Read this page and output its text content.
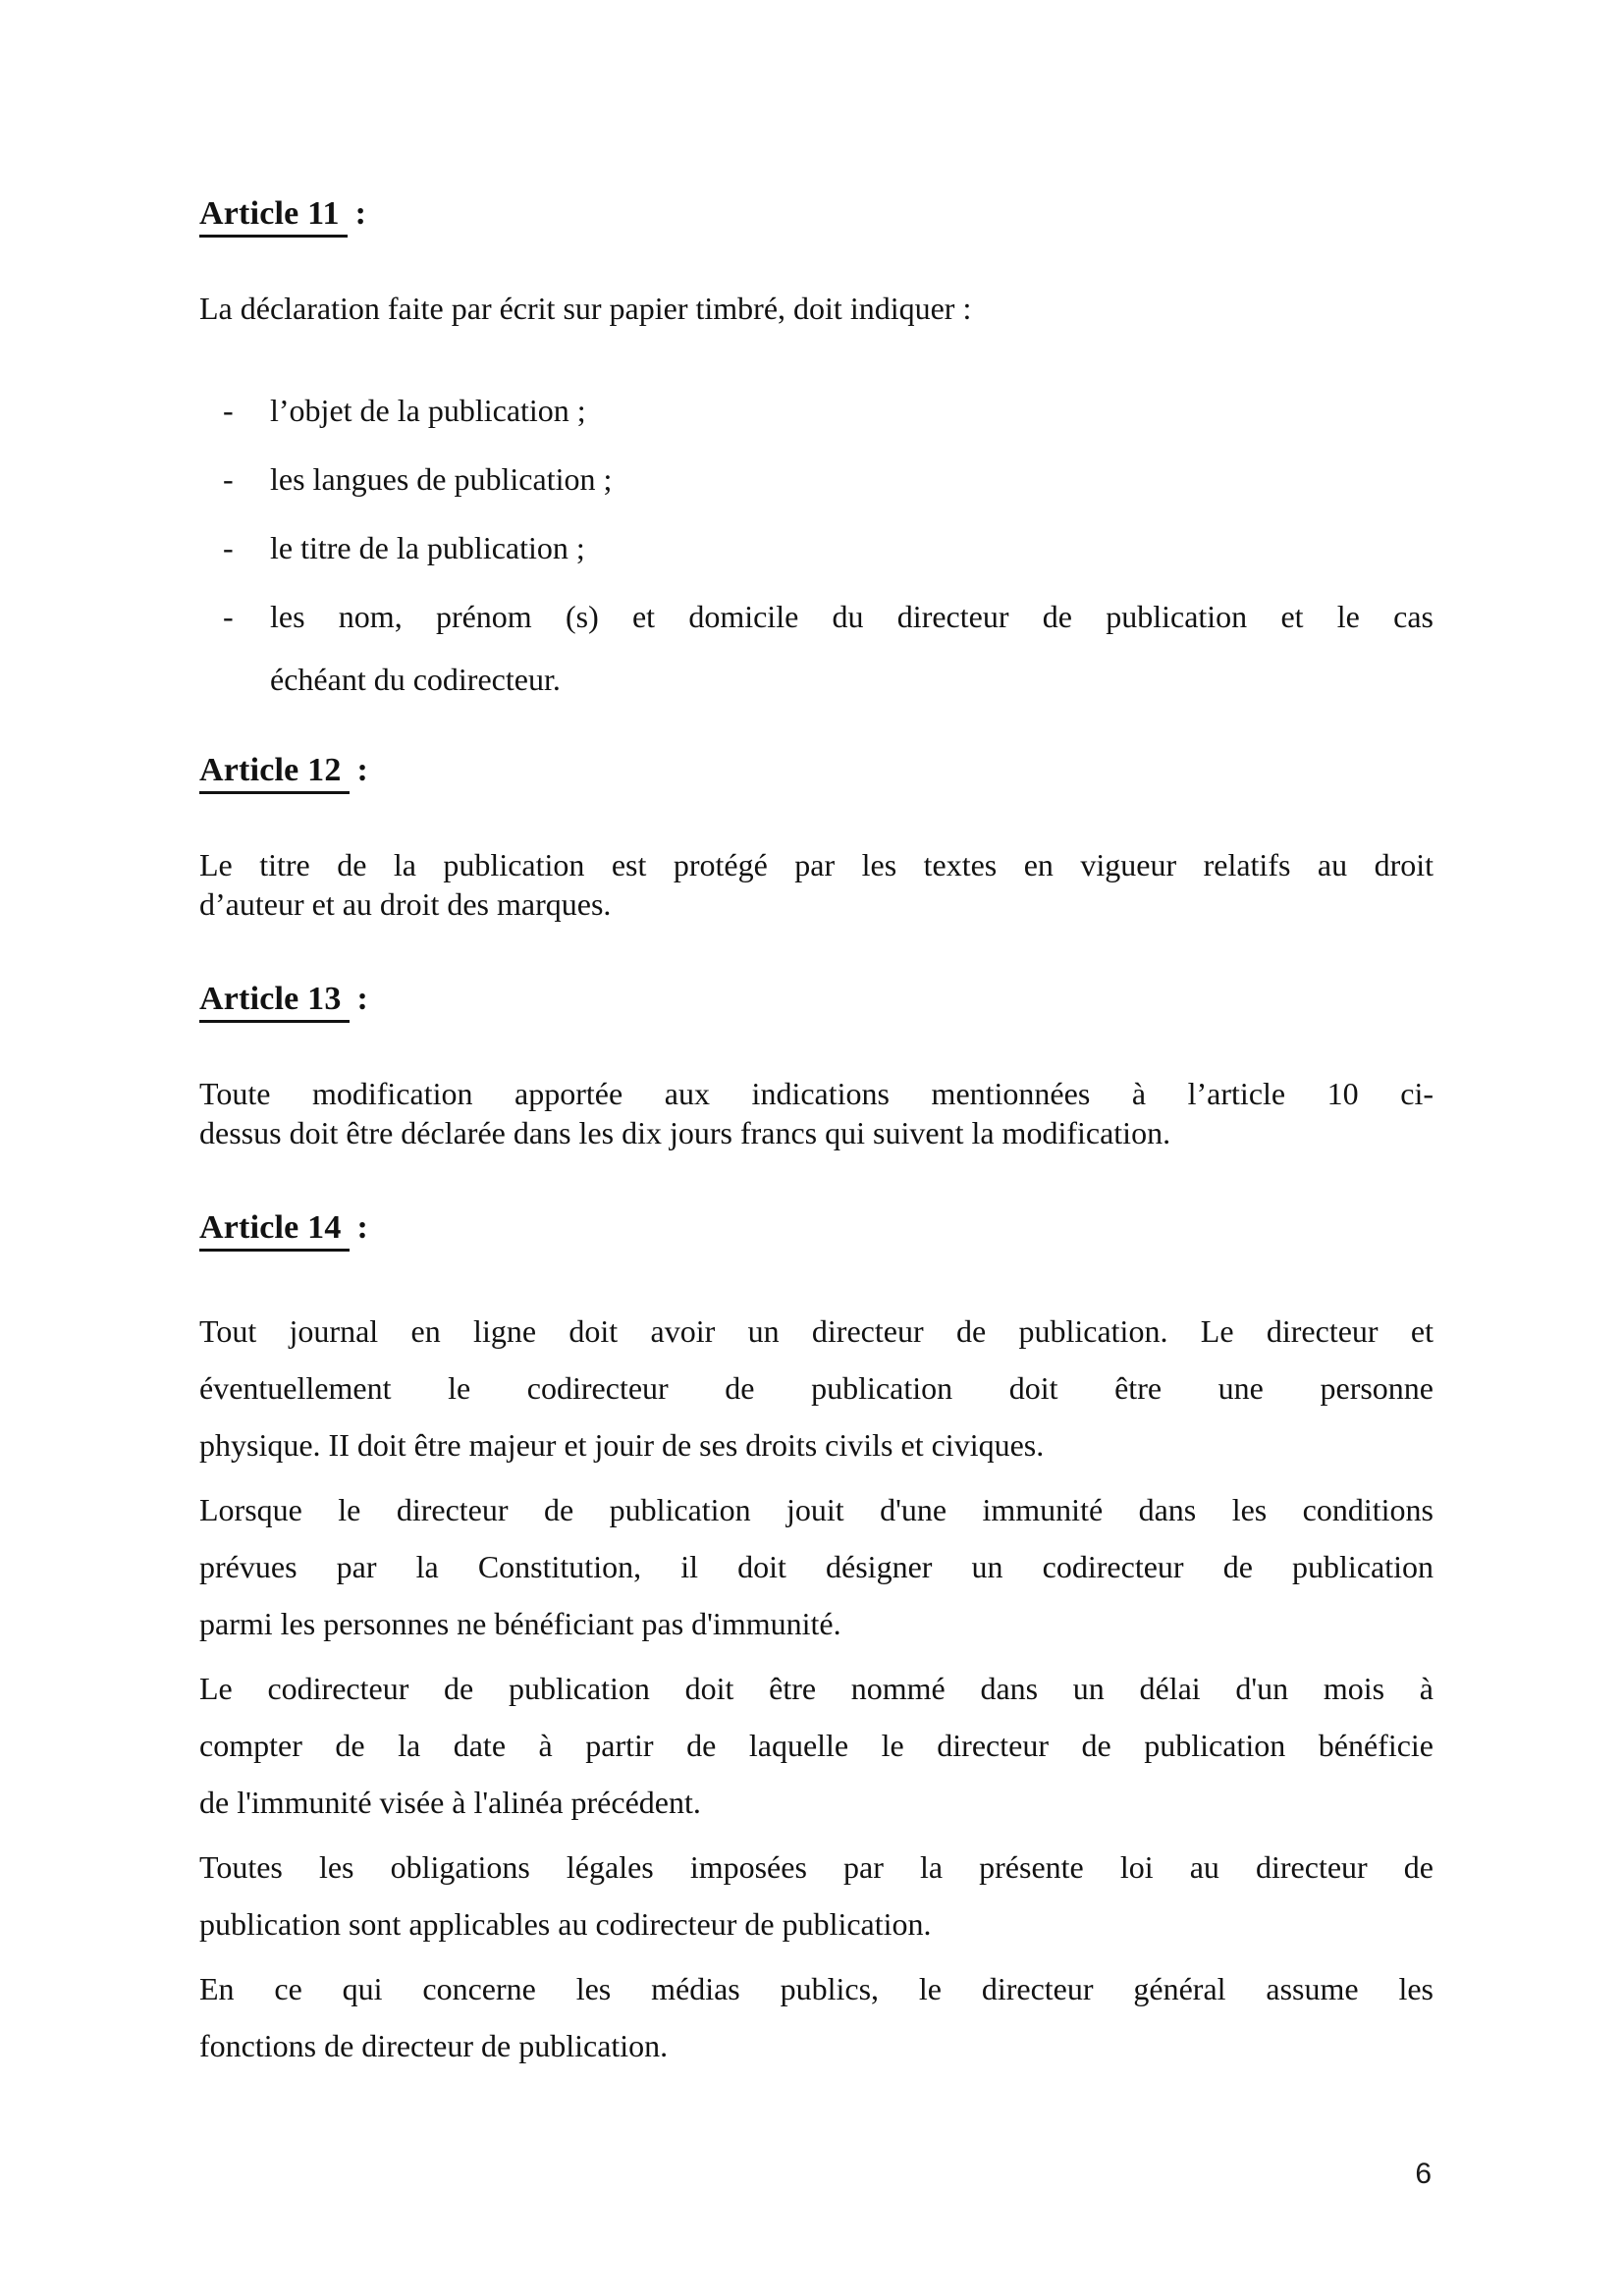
Article 11 :

La déclaration faite par écrit sur papier timbré, doit indiquer :

- l’objet de la publication ;
- les langues de publication ;
- le titre de la publication ;
- les nom, prénom (s) et domicile du directeur de publication et le cas
échéant du codirecteur.
Article 12 :

Le titre de la publication est protégé par les textes en vigueur relatifs au droit

d’auteur et au droit des marques.

Article 13 :

Toute modification apportée aux indications mentionnées à l’article 10 ci-

dessus doit être déclarée dans les dix jours francs qui suivent la modification.

Article 14 :

Tout journal en ligne doit avoir un directeur de publication. Le directeur et

éventuellement le codirecteur de publication doit être une personne

physique. II doit être majeur et jouir de ses droits civils et civiques.

Lorsque le directeur de publication jouit d'une immunité dans les conditions

prévues par la Constitution, il doit désigner un codirecteur de publication

parmi les personnes ne bénéficiant pas d'immunité.

Le codirecteur de publication doit être nommé dans un délai d'un mois à

compter de la date à partir de laquelle le directeur de publication bénéficie

de l'immunité visée à l'alinéa précédent.

Toutes les obligations légales imposées par la présente loi au directeur de

publication sont applicables au codirecteur de publication.

En ce qui concerne les médias publics, le directeur général assume les

fonctions de directeur de publication.

6
